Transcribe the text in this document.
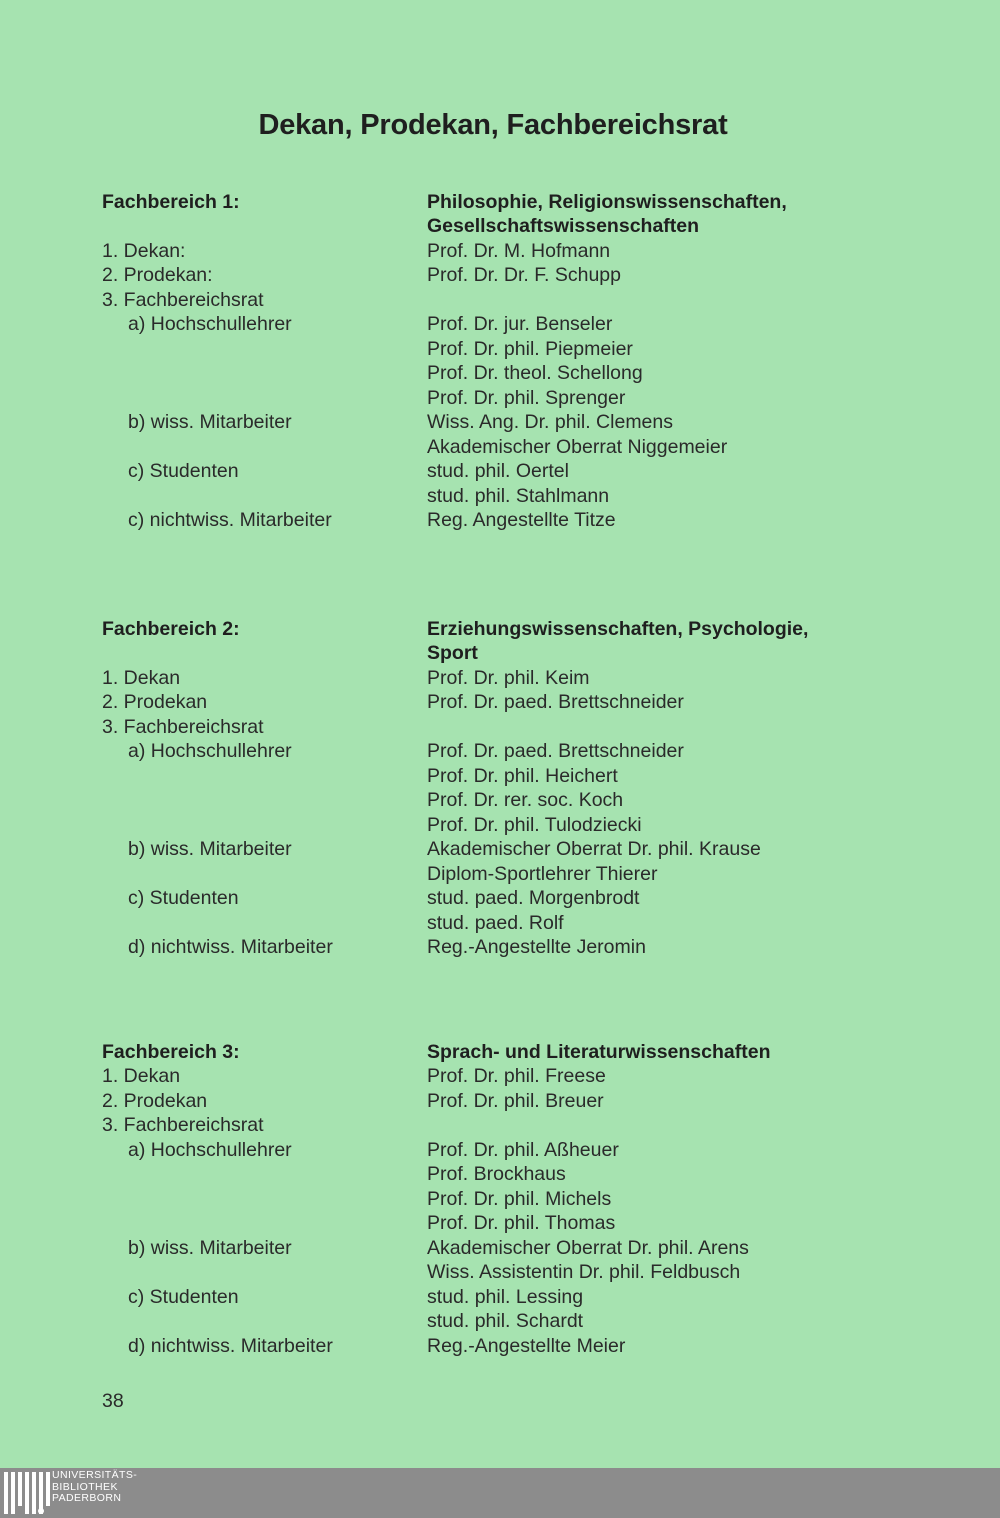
Dekan, Prodekan, Fachbereichsrat
Fachbereich 1:	Philosophie, Religionswissenschaften,
Gesellschaftswissenschaften
1. Dekan:	Prof. Dr. M. Hofmann
2. Prodekan:	Prof. Dr. Dr. F. Schupp
3. Fachbereichsrat
a) Hochschullehrer	Prof. Dr. jur. Benseler
Prof. Dr. phil. Piepmeier
Prof. Dr. theol. Schellong
Prof. Dr. phil. Sprenger
b) wiss. Mitarbeiter	Wiss. Ang. Dr. phil. Clemens
Akademischer Oberrat Niggemeier
c) Studenten	stud. phil. Oertel
stud. phil. Stahlmann
c) nichtwiss. Mitarbeiter	Reg. Angestellte Titze
Fachbereich 2:	Erziehungswissenschaften, Psychologie,
Sport
1. Dekan	Prof. Dr. phil. Keim
2. Prodekan	Prof. Dr. paed. Brettschneider
3. Fachbereichsrat
a) Hochschullehrer	Prof. Dr. paed. Brettschneider
Prof. Dr. phil. Heichert
Prof. Dr. rer. soc. Koch
Prof. Dr. phil. Tulodziecki
b) wiss. Mitarbeiter	Akademischer Oberrat Dr. phil. Krause
Diplom-Sportlehrer Thierer
c) Studenten	stud. paed. Morgenbrodt
stud. paed. Rolf
d) nichtwiss. Mitarbeiter	Reg.-Angestellte Jeromin
Fachbereich 3:	Sprach- und Literaturwissenschaften
1. Dekan	Prof. Dr. phil. Freese
2. Prodekan	Prof. Dr. phil. Breuer
3. Fachbereichsrat
a) Hochschullehrer	Prof. Dr. phil. Aßheuer
Prof. Brockhaus
Prof. Dr. phil. Michels
Prof. Dr. phil. Thomas
b) wiss. Mitarbeiter	Akademischer Oberrat Dr. phil. Arens
Wiss. Assistentin Dr. phil. Feldbusch
c) Studenten	stud. phil. Lessing
stud. phil. Schardt
d) nichtwiss. Mitarbeiter	Reg.-Angestellte Meier
38
UNIVERSITÄTS-
BIBLIOTHEK
PADERBORN
